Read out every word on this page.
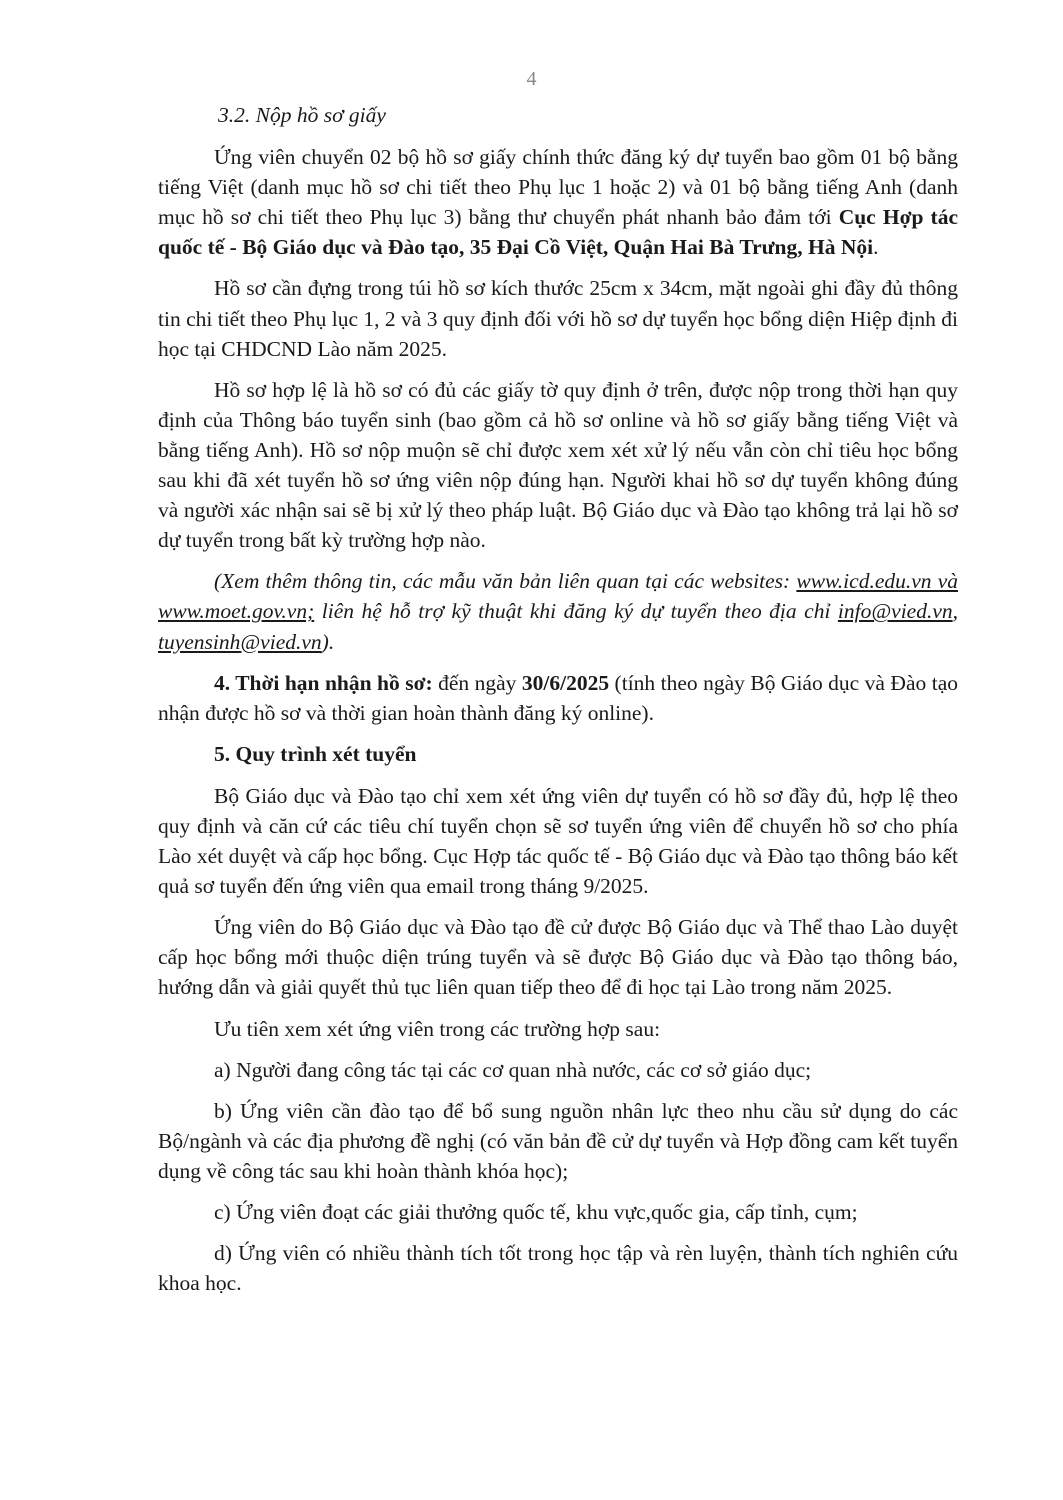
4

3.2. Nộp hồ sơ giấy

Ứng viên chuyển 02 bộ hồ sơ giấy chính thức đăng ký dự tuyển bao gồm 01 bộ bằng tiếng Việt (danh mục hồ sơ chi tiết theo Phụ lục 1 hoặc 2) và 01 bộ bằng tiếng Anh (danh mục hồ sơ chi tiết theo Phụ lục 3) bằng thư chuyển phát nhanh bảo đảm tới Cục Hợp tác quốc tế - Bộ Giáo dục và Đào tạo, 35 Đại Cồ Việt, Quận Hai Bà Trưng, Hà Nội.

Hồ sơ cần đựng trong túi hồ sơ kích thước 25cm x 34cm, mặt ngoài ghi đầy đủ thông tin chi tiết theo Phụ lục 1, 2 và 3 quy định đối với hồ sơ dự tuyển học bổng diện Hiệp định đi học tại CHDCND Lào năm 2025.

Hồ sơ hợp lệ là hồ sơ có đủ các giấy tờ quy định ở trên, được nộp trong thời hạn quy định của Thông báo tuyển sinh (bao gồm cả hồ sơ online và hồ sơ giấy bằng tiếng Việt và bằng tiếng Anh). Hồ sơ nộp muộn sẽ chỉ được xem xét xử lý nếu vẫn còn chỉ tiêu học bổng sau khi đã xét tuyển hồ sơ ứng viên nộp đúng hạn. Người khai hồ sơ dự tuyển không đúng và người xác nhận sai sẽ bị xử lý theo pháp luật. Bộ Giáo dục và Đào tạo không trả lại hồ sơ dự tuyển trong bất kỳ trường hợp nào.

(Xem thêm thông tin, các mẫu văn bản liên quan tại các websites: www.icd.edu.vn và www.moet.gov.vn; liên hệ hỗ trợ kỹ thuật khi đăng ký dự tuyển theo địa chỉ info@vied.vn, tuyensinh@vied.vn).

4. Thời hạn nhận hồ sơ: đến ngày 30/6/2025 (tính theo ngày Bộ Giáo dục và Đào tạo nhận được hồ sơ và thời gian hoàn thành đăng ký online).

5. Quy trình xét tuyển

Bộ Giáo dục và Đào tạo chỉ xem xét ứng viên dự tuyển có hồ sơ đầy đủ, hợp lệ theo quy định và căn cứ các tiêu chí tuyển chọn sẽ sơ tuyển ứng viên để chuyển hồ sơ cho phía Lào xét duyệt và cấp học bổng. Cục Hợp tác quốc tế - Bộ Giáo dục và Đào tạo thông báo kết quả sơ tuyển đến ứng viên qua email trong tháng 9/2025.

Ứng viên do Bộ Giáo dục và Đào tạo đề cử được Bộ Giáo dục và Thể thao Lào duyệt cấp học bổng mới thuộc diện trúng tuyển và sẽ được Bộ Giáo dục và Đào tạo thông báo, hướng dẫn và giải quyết thủ tục liên quan tiếp theo để đi học tại Lào trong năm 2025.

Ưu tiên xem xét ứng viên trong các trường hợp sau:

a) Người đang công tác tại các cơ quan nhà nước, các cơ sở giáo dục;

b) Ứng viên cần đào tạo để bổ sung nguồn nhân lực theo nhu cầu sử dụng do các Bộ/ngành và các địa phương đề nghị (có văn bản đề cử dự tuyển và Hợp đồng cam kết tuyển dụng về công tác sau khi hoàn thành khóa học);

c) Ứng viên đoạt các giải thưởng quốc tế, khu vực,quốc gia, cấp tỉnh, cụm;

d) Ứng viên có nhiều thành tích tốt trong học tập và rèn luyện, thành tích nghiên cứu khoa học.
